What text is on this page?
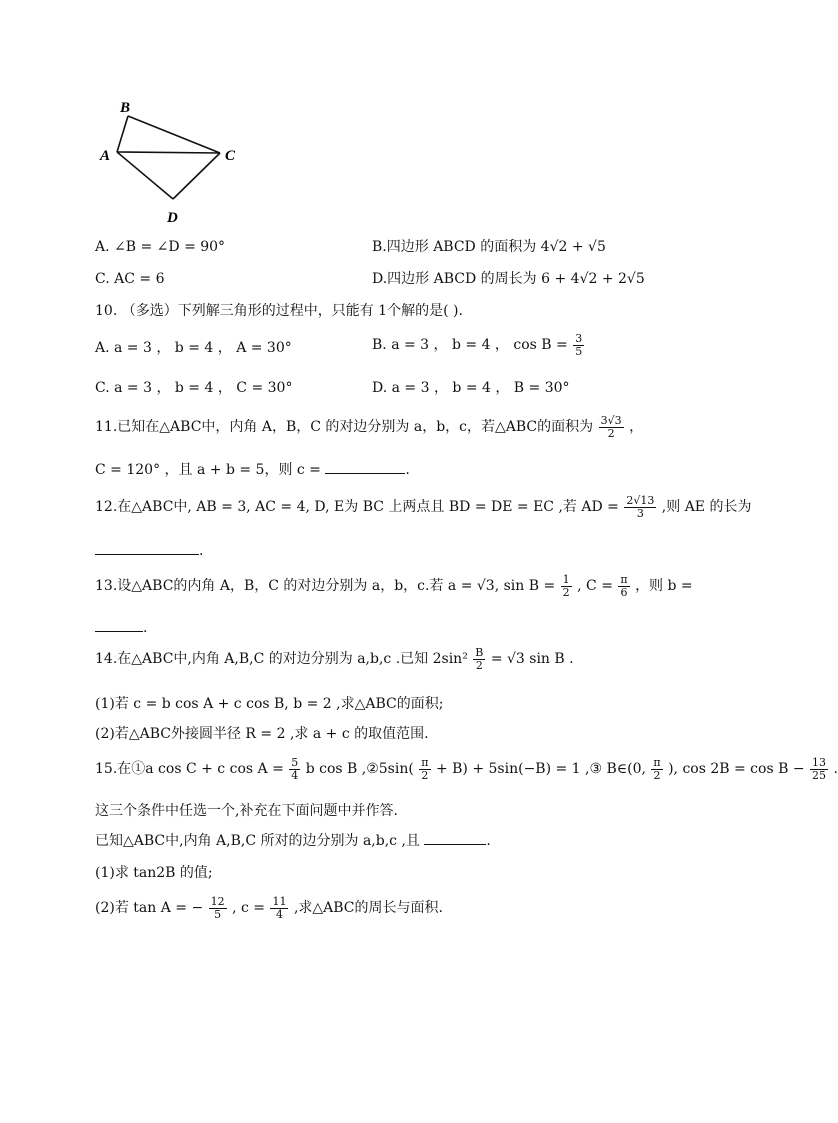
B
A	C
D
A. ∠B = ∠D = 90°	B.四边形 ABCD 的面积为 4√2 + √5
C. AC = 6	D.四边形 ABCD 的周长为 6 + 4√2 + 2√5
10. （多选）下列解三角形的过程中，只能有 1个解的是( ).
A. a = 3 ， b = 4 ， A = 30°	B. a = 3 ， b = 4 ， $\cos B = \frac{3}{5}$
C. a = 3 ， b = 4 ， C = 30°	D. a = 3 ， b = 4 ， B = 30°
11.已知在△ABC中，内角 A，B，C 的对边分别为 a，b，c，若△ABC的面积为 $\frac{3√3}{2}$ ，
C = 120° ，且 a + b = 5，则 c =	.
12.在△ABC中, AB = 3, AC = 4, D, E为 BC 上两点且 BD = DE = EC ,若 AD = $\frac{2√13}{3}$ ,则 AE 的长为
.
13.设△ABC的内角 A，B，C 的对边分别为 a，b，c.若 a = √3, $\sin B = \frac{1}{2}$ , $C = \frac{\pi}{6}$ ，则 b =
.
14.在△ABC中,内角 A,B,C 的对边分别为 a,b,c .已知 $2\sin^2 \frac{B}{2} = √3$ sin B .
(1)若 c = b cos A + c cos B, b = 2 ,求△ABC的面积;
(2)若△ABC外接圆半径 R = 2 ,求 a + c 的取值范围.
15.在①a cos C + c $\cos A = \frac{5}{4}$ b cos B ,②5sin( $\frac{\pi}{2} + B) + 5\sin(-B) = 1$ ,③ B∈(0, $\frac{\pi}{2}$ ), $\cos 2B = \cos B - \frac{13}{25}$ .
这三个条件中任选一个,补充在下面问题中并作答.
已知△ABC中,内角 A,B,C 所对的边分别为 a,b,c ,且	.
(1)求 tan2B 的值;
(2)若 tan A = − $\frac{12}{5}$ , $c = \frac{11}{4}$ ,求△ABC的周长与面积.
